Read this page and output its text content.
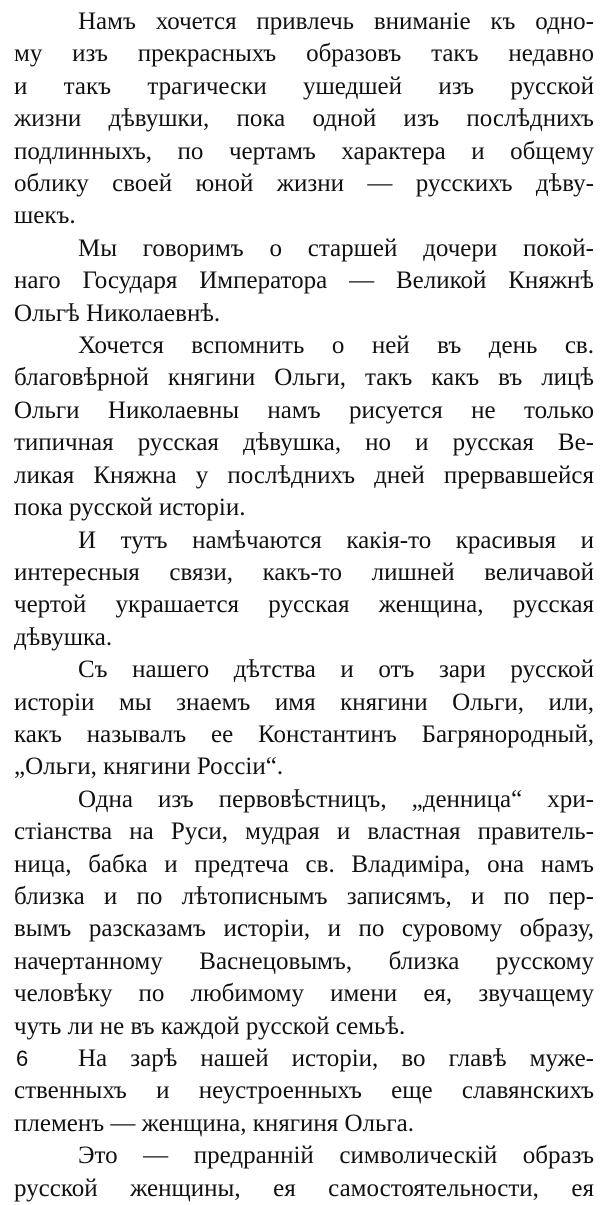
Намъ хочется привлечь вниманіе къ одно-
му изъ прекрасныхъ образовъ такъ недавно
и такъ трагически ушедшей изъ русской
жизни дѣвушки, пока одной изъ послѣднихъ
подлинныхъ, по чертамъ характера и общему
облику своей юной жизни — русскихъ дѣву-
шекъ.
Мы говоримъ о старшей дочери покой-
наго Государя Императора — Великой Княжнѣ
Ольгѣ Николаевнѣ.
Хочется вспомнить о ней въ день св.
благовѣрной княгини Ольги, такъ какъ въ лицѣ
Ольги Николаевны намъ рисуется не только
типичная русская дѣвушка, но и русская Ве-
ликая Княжна у послѣднихъ дней прервавшейся
пока русской исторіи.
И тутъ намѣчаются какія-то красивыя и
интересныя связи, какъ-то лишней величавой
чертой украшается русская женщина, русская
дѣвушка.
Съ нашего дѣтства и отъ зари русской
исторіи мы знаемъ имя княгини Ольги, или,
какъ называлъ ее Константинъ Багрянородный,
„Ольги, княгини Россіи“.
Одна изъ первовѣстницъ, „денница“ хри-
стіанства на Руси, мудрая и властная правитель-
ница, бабка и предтеча св. Владиміра, она намъ
близка и по лѣтописнымъ записямъ, и по пер-
вымъ разсказамъ исторіи, и по суровому образу,
начертанному Васнецовымъ, близка русскому
человѣку по любимому имени ея, звучащему
чуть ли не въ каждой русской семьѣ.
На зарѣ нашей исторіи, во главѣ муже-
ственныхъ и неустроенныхъ еще славянскихъ
племенъ — женщина, княгиня Ольга.
Это — предранній символическій образъ
русской женщины, ея самостоятельности, ея
6
